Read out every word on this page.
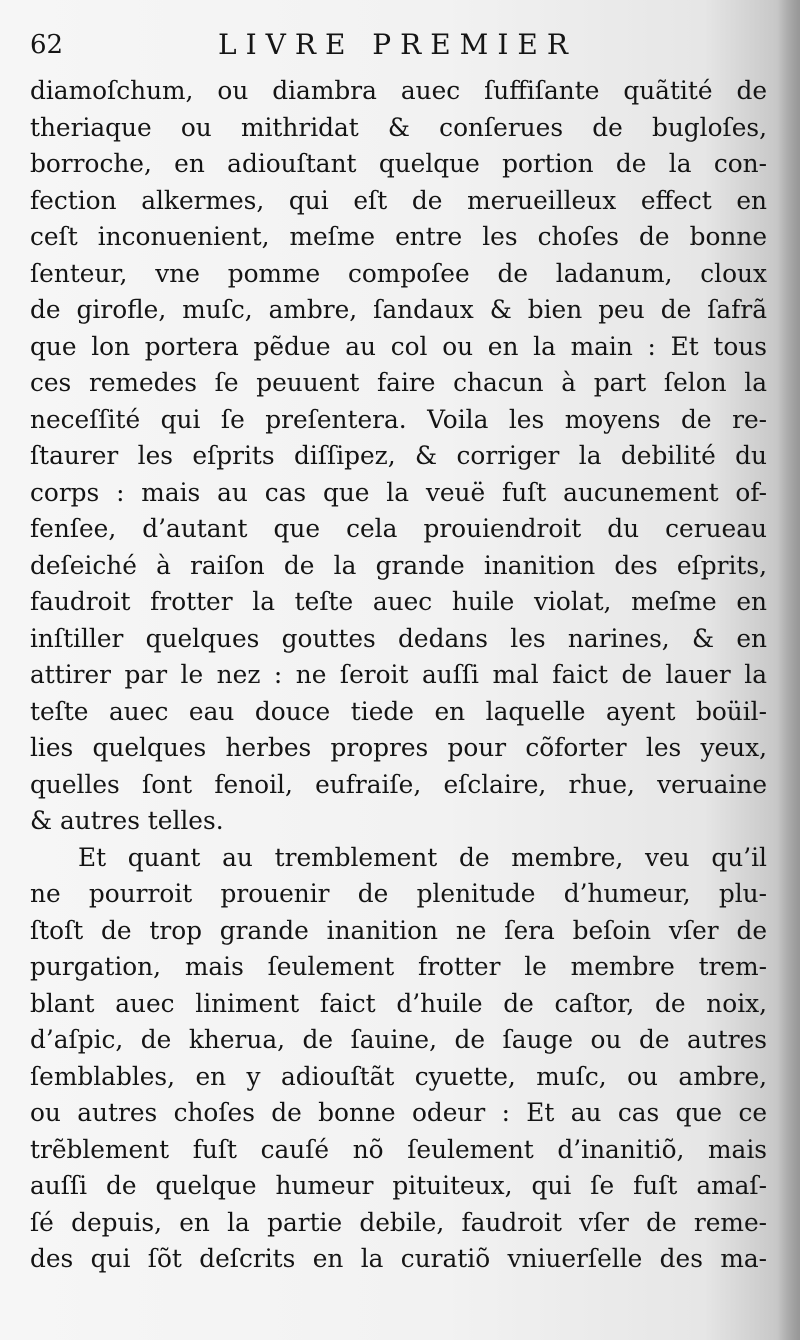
62	LIVRE PREMIER
diamoſchum, ou diambra auec ſuffiſante quãtité de
theriaque ou mithridat & conſerues de bugloſes,
borroche, en adiouſtant quelque portion de la con-
fection alkermes, qui eſt de merueilleux effect en
ceſt inconuenient, meſme entre les choſes de bonne
ſenteur, vne pomme compoſee de ladanum, cloux
de girofle, muſc, ambre, ſandaux & bien peu de ſafrã
que lon portera pẽdue au col ou en la main : Et tous
ces remedes ſe peuuent faire chacun à part ſelon la
neceſſité qui ſe preſentera. Voila les moyens de re-
ſtaurer les eſprits diſſipez, & corriger la debilité du
corps : mais au cas que la veuë fuſt aucunement of-
fenſee, d’autant que cela prouiendroit du cerueau
deſeiché à raiſon de la grande inanition des eſprits,
faudroit frotter la teſte auec huile violat, meſme en
inſtiller quelques gouttes dedans les narines, & en
attirer par le nez : ne ſeroit auſſi mal faict de lauer la
teſte auec eau douce tiede en laquelle ayent boüil-
lies quelques herbes propres pour cõforter les yeux,
quelles ſont fenoil, eufraiſe, eſclaire, rhue, veruaine
& autres telles.
Et quant au tremblement de membre, veu qu’il
ne pourroit prouenir de plenitude d’humeur, plu-
ſtoſt de trop grande inanition ne ſera beſoin vſer de
purgation, mais ſeulement frotter le membre trem-
blant auec liniment faict d’huile de caſtor, de noix,
d’aſpic, de kherua, de ſauine, de ſauge ou de autres
ſemblables, en y adiouſtãt cyuette, muſc, ou ambre,
ou autres choſes de bonne odeur : Et au cas que ce
trẽblement fuſt cauſé nõ ſeulement d’inanitiõ, mais
auſſi de quelque humeur pituiteux, qui ſe fuſt amaſ-
ſé depuis, en la partie debile, faudroit vſer de reme-
des qui ſõt deſcrits en la curatiõ vniuerſelle des ma-
